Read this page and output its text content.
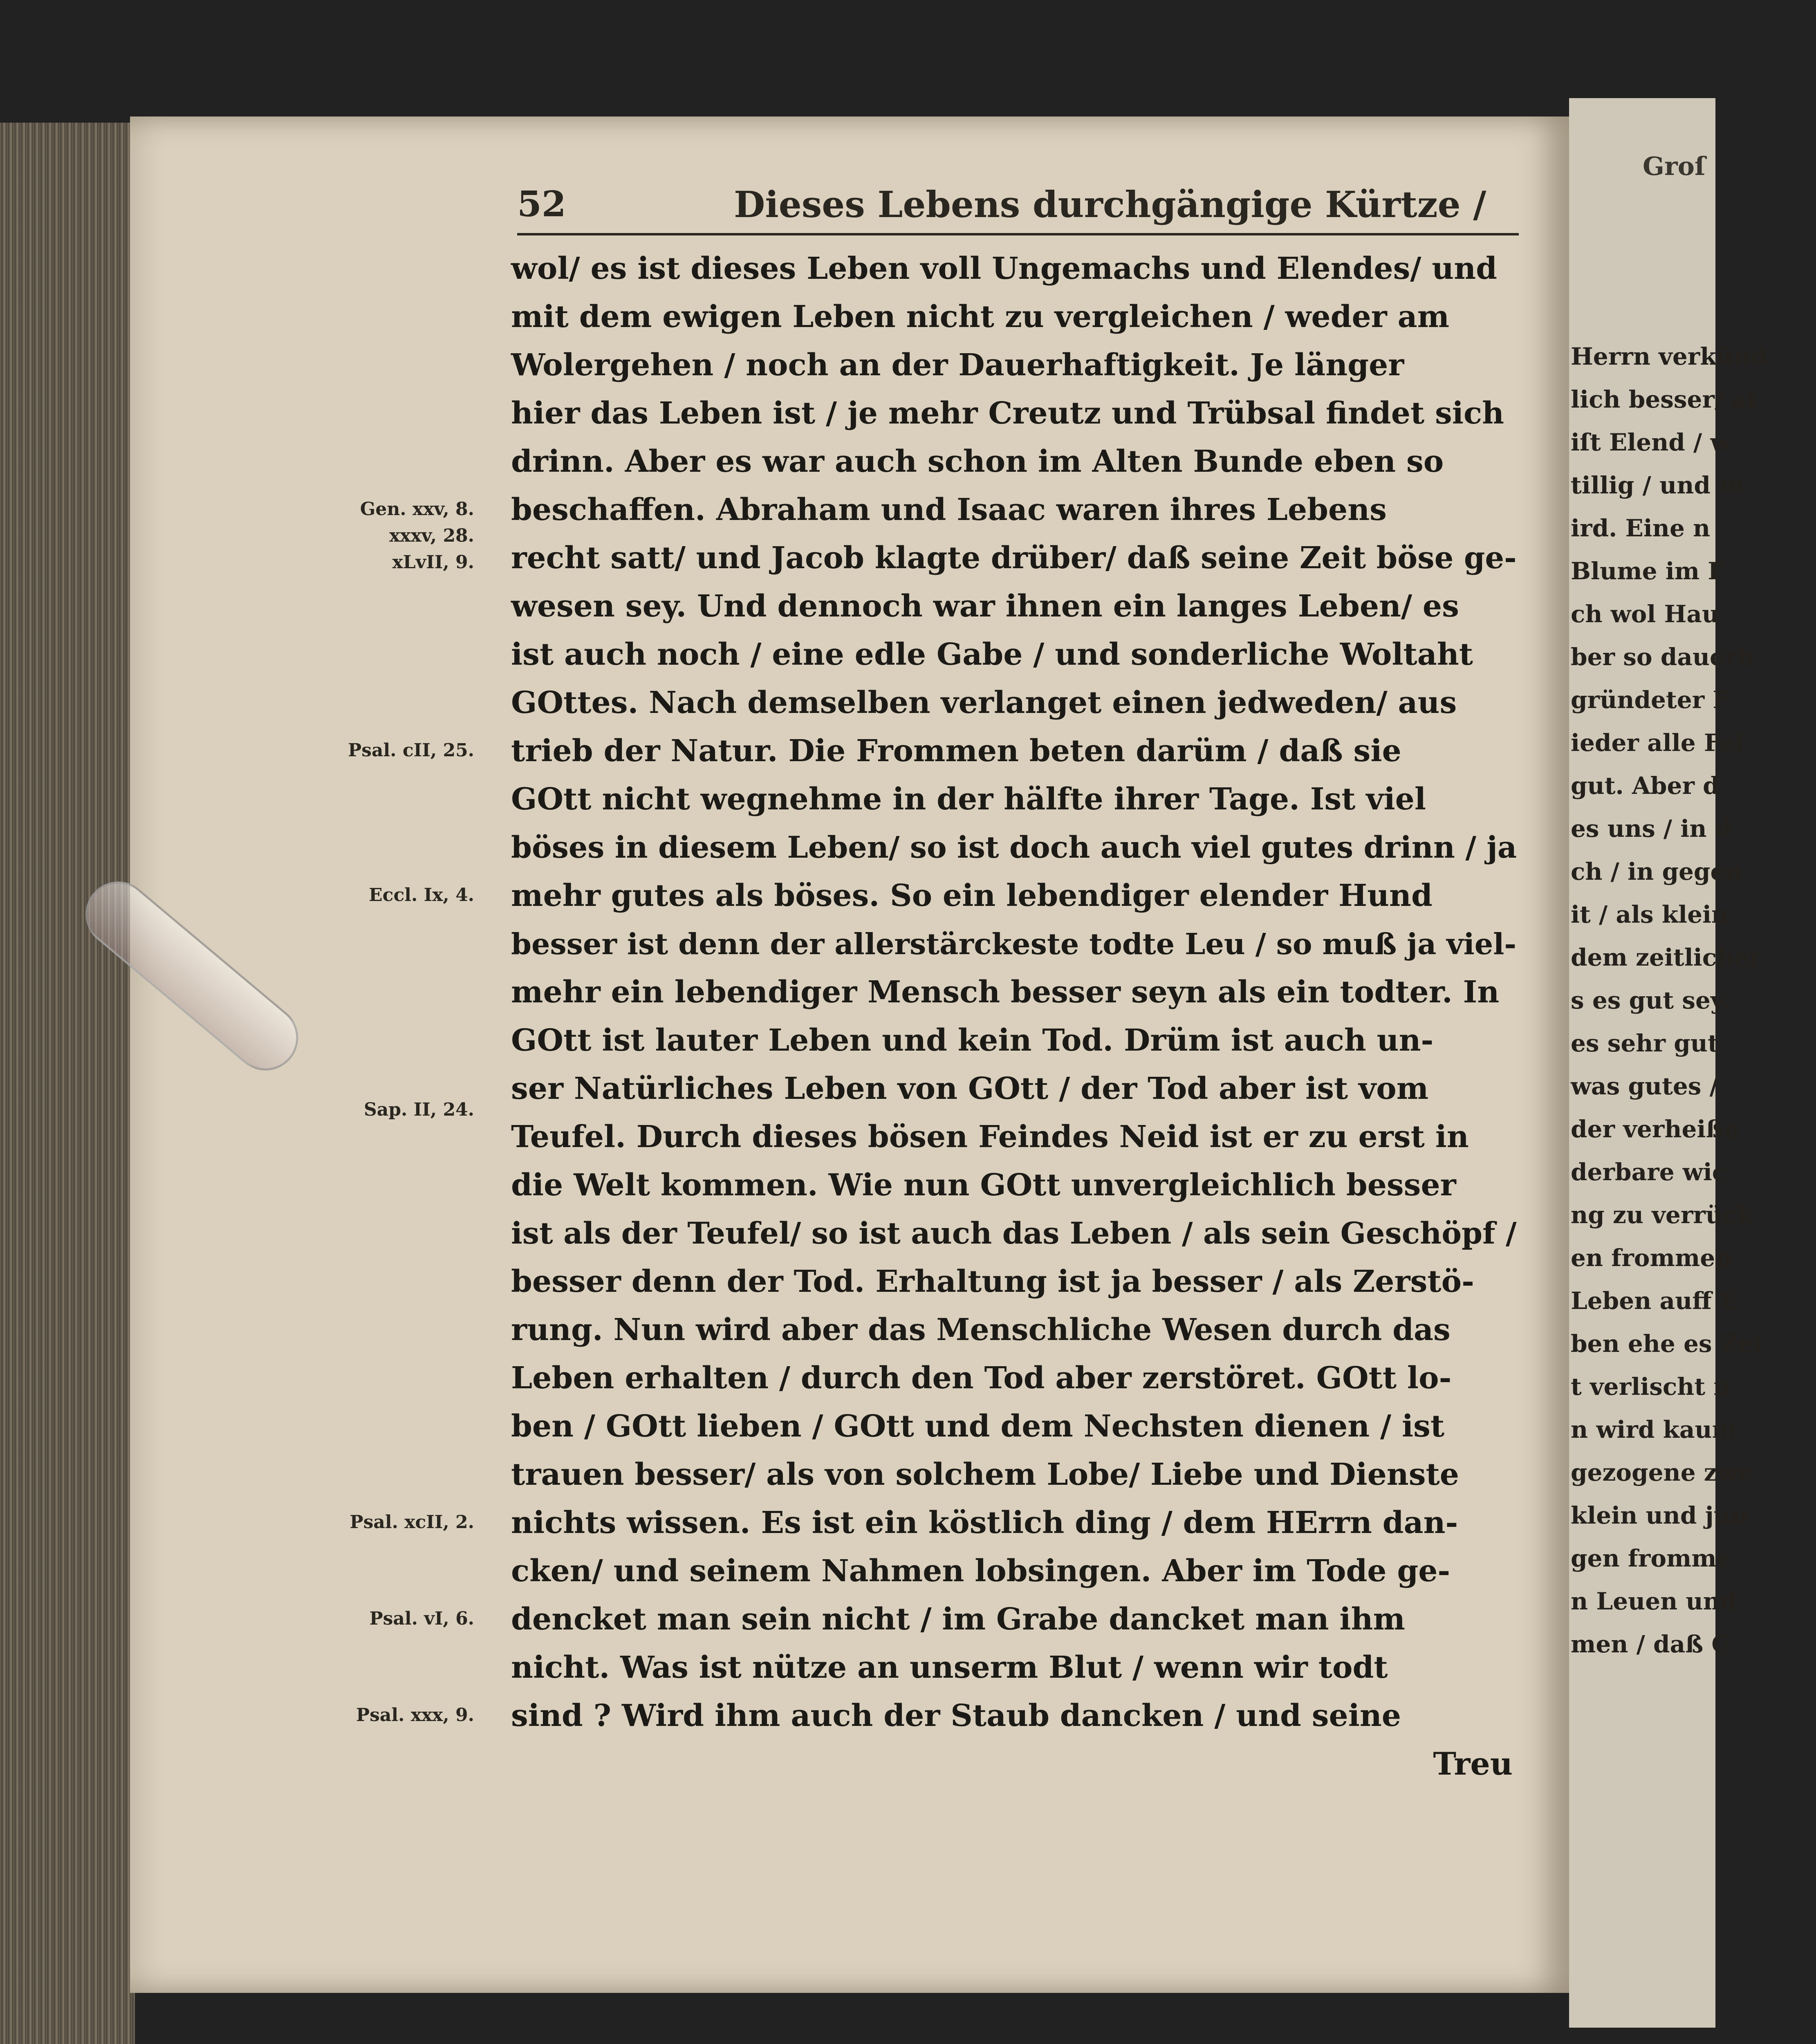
Groſ
Herrn verkünd
lich besser/ al
iſt Elend / w
tillig / und m
ird. Eine n
Blume im F
ch wol Hau
ber so dauerh
gründeter F
ieder alle Fei
gut. Aber d
es uns / in d
ch / in gegen
it / als klein
dem zeitlicher
s es gut sey.
es sehr gut
was gutes /
der verheiße
derbare wic
ng zu verrück
en frommen
Leben auff E
ben ehe es Zei
t verlischt n
n wird kaum
gezogene zwe
klein und jun
gen fromme
n Leuen und
men / daß G
52	Dieses Lebens durchgängige Kürtze /
wol/ es ist dieses Leben voll Ungemachs und Elendes/ und
mit dem ewigen Leben nicht zu vergleichen / weder am
Wolergehen / noch an der Dauerhaftigkeit. Je länger
hier das Leben ist / je mehr Creutz und Trübsal findet sich
drinn. Aber es war auch schon im Alten Bunde eben so
beschaffen. Abraham und Isaac waren ihres Lebens
recht satt/ und Jacob klagte drüber/ daß seine Zeit böse ge-
wesen sey. Und dennoch war ihnen ein langes Leben/ es
ist auch noch / eine edle Gabe / und sonderliche Woltaht
GOttes. Nach demselben verlanget einen jedweden/ aus
trieb der Natur. Die Frommen beten darüm / daß sie
GOtt nicht wegnehme in der hälfte ihrer Tage. Ist viel
böses in diesem Leben/ so ist doch auch viel gutes drinn / ja
mehr gutes als böses. So ein lebendiger elender Hund
besser ist denn der allerstärckeste todte Leu / so muß ja viel-
mehr ein lebendiger Mensch besser seyn als ein todter. In
GOtt ist lauter Leben und kein Tod. Drüm ist auch un-
ser Natürliches Leben von GOtt / der Tod aber ist vom
Teufel. Durch dieses bösen Feindes Neid ist er zu erst in
die Welt kommen. Wie nun GOtt unvergleichlich besser
ist als der Teufel/ so ist auch das Leben / als sein Geschöpf /
besser denn der Tod. Erhaltung ist ja besser / als Zerstö-
rung. Nun wird aber das Menschliche Wesen durch das
Leben erhalten / durch den Tod aber zerstöret. GOtt lo-
ben / GOtt lieben / GOtt und dem Nechsten dienen / ist
trauen besser/ als von solchem Lobe/ Liebe und Dienste
nichts wissen. Es ist ein köstlich ding / dem HErrn dan-
cken/ und seinem Nahmen lobsingen. Aber im Tode ge-
dencket man sein nicht / im Grabe dancket man ihm
nicht. Was ist nütze an unserm Blut / wenn wir todt
sind ? Wird ihm auch der Staub dancken / und seine
Treu
Gen. xxv, 8.
xxxv, 28.
xLvII, 9.
Psal. cII, 25.
Eccl. Ix, 4.
Sap. II, 24.
Psal. xcII, 2.
Psal. vI, 6.
Psal. xxx, 9.
